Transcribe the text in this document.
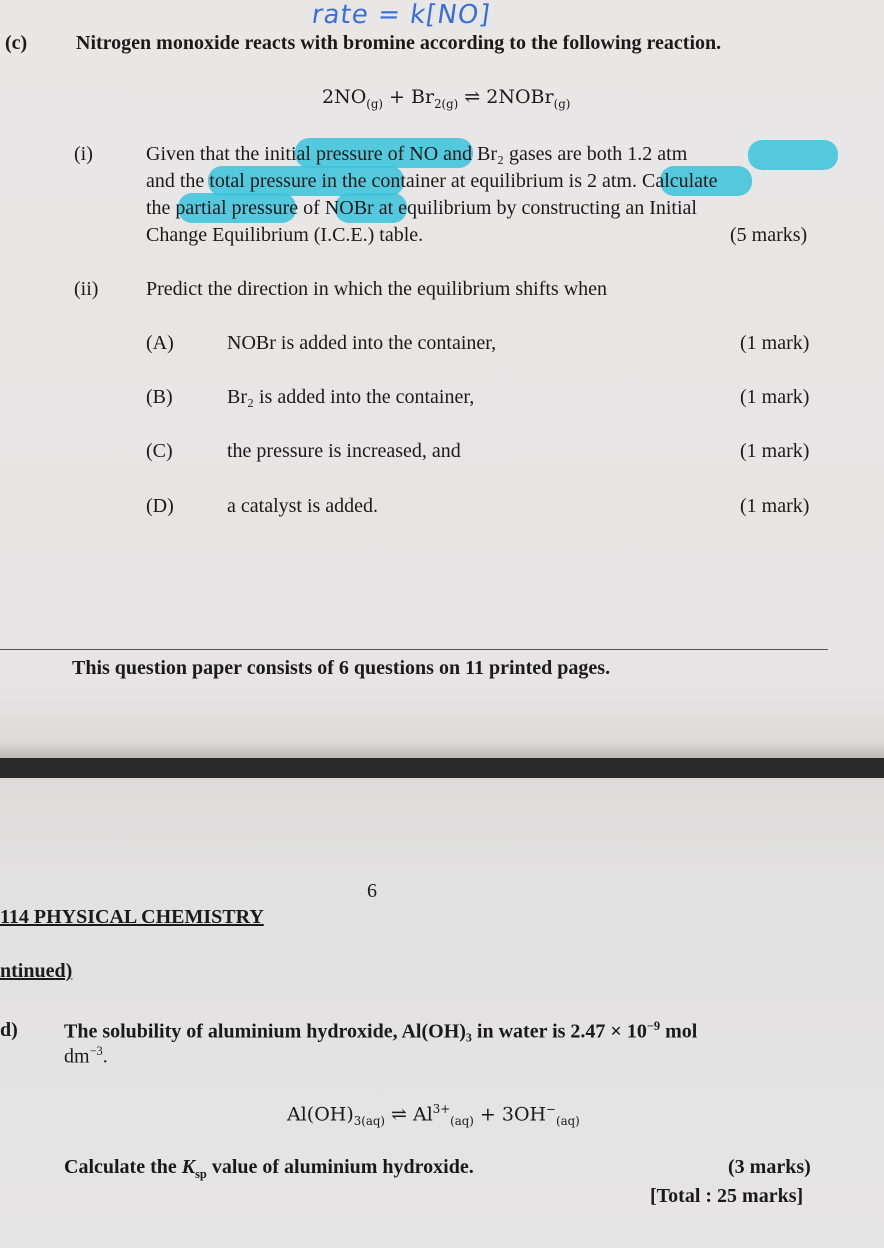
rate = k[NO]
(c) Nitrogen monoxide reacts with bromine according to the following reaction.
$2NO_{(g)} + Br_{2(g)}$ ⇌ 2NOBr$_{(g)}$
(i)	Given that the initial pressure of NO and Br₂ gases are both 1.2 atm
and the total pressure in the container at equilibrium is 2 atm. Calculate
the partial pressure of NOBr at equilibrium by constructing an Initial
Change Equilibrium (I.C.E.) table.	(5 marks)
(ii) Predict the direction in which the equilibrium shifts when
(A)	NOBr is added into the container,	(1 mark)
(B)	Br₂ is added into the container,	(1 mark)
(C)	the pressure is increased, and	(1 mark)
(D)	a catalyst is added.	(1 mark)
This question paper consists of 6 questions on 11 printed pages.
6
114 PHYSICAL CHEMISTRY
ntinued)
d) The solubility of aluminium hydroxide, Al(OH)₃ in water is $2.47 \times 10^{-9}$ mol
$dm^{-3}$.
$Al(OH)_{3(aq)}$ ⇌ $Al^{3+}_{(aq)} + 3OH^-_{(aq)}$
Calculate the $K_{sp}$ value of aluminium hydroxide.	(3 marks)
[Total : 25 marks]
